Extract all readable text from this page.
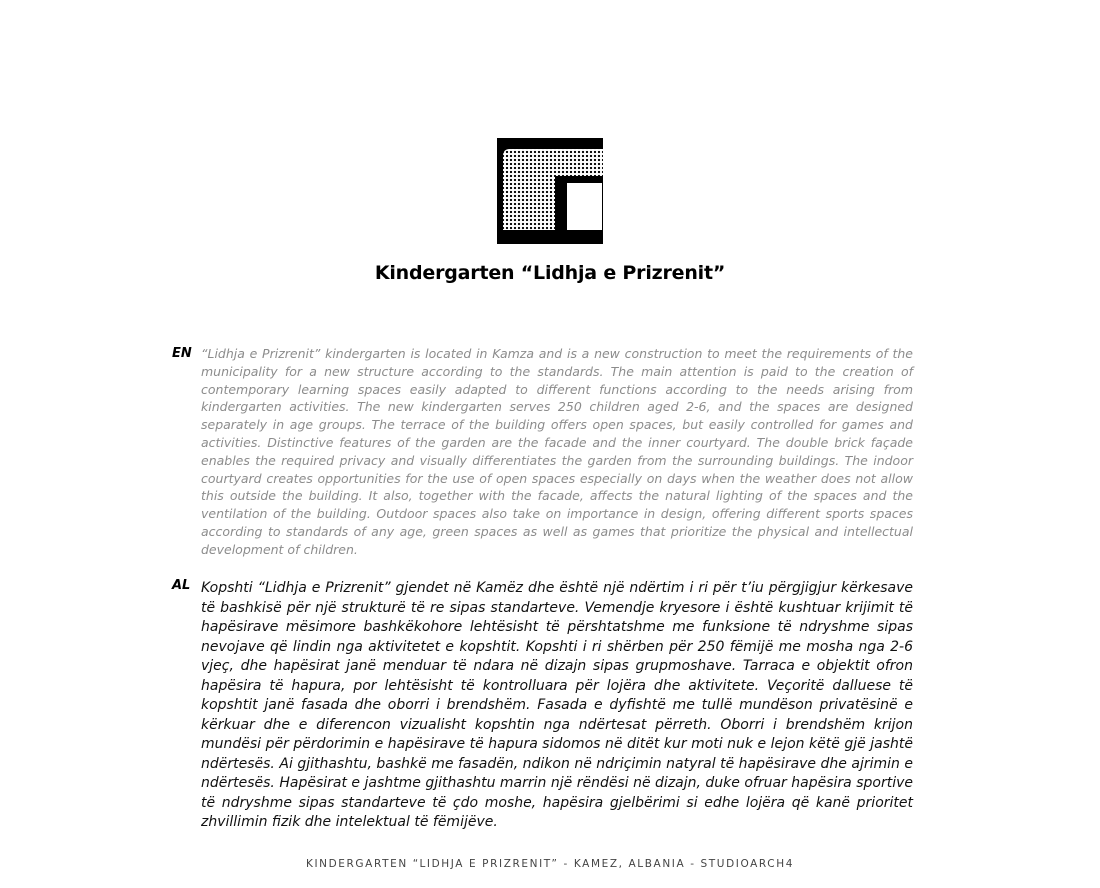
Kindergarten “Lidhja e Prizrenit”
EN “Lidhja e Prizrenit” kindergarten is located in Kamza and is a new construction to meet the requirements of the municipality for a new structure according to the standards. The main attention is paid to the creation of contemporary learning spaces easily adapted to different functions according to the needs arising from kindergarten activities. The new kindergarten serves 250 children aged 2-6, and the spaces are designed separately in age groups. The terrace of the building offers open spaces, but easily controlled for games and activities. Distinctive features of the garden are the facade and the inner courtyard. The double brick façade enables the required privacy and visually differentiates the garden from the surrounding buildings. The indoor courtyard creates opportunities for the use of open spaces especially on days when the weather does not allow this outside the building. It also, together with the facade, affects the natural lighting of the spaces and the ventilation of the building. Outdoor spaces also take on importance in design, offering different sports spaces according to standards of any age, green spaces as well as games that prioritize the physical and intellectual development of children.

AL Kopshti “Lidhja e Prizrenit” gjendet në Kamëz dhe është një ndërtim i ri për t’iu përgjigjur kërkesave të bashkisë për një strukturë të re sipas standarteve. Vemendje kryesore i është kushtuar krijimit të hapësirave mësimore bashkëkohore lehtësisht të përshtatshme me funksione të ndryshme sipas nevojave që lindin nga aktivitetet e kopshtit. Kopshti i ri shërben për 250 fëmijë me mosha nga 2-6 vjeç, dhe hapësirat janë menduar të ndara në dizajn sipas grupmoshave. Tarraca e objektit ofron hapësira të hapura, por lehtësisht të kontrolluara për lojëra dhe aktivitete. Veçoritë dalluese të kopshtit janë fasada dhe oborri i brendshëm. Fasada e dyfishtë me tullë mundëson privatësinë e kërkuar dhe e diferencon vizualisht kopshtin nga ndërtesat përreth. Oborri i brendshëm krijon mundësi për përdorimin e hapësirave të hapura sidomos në ditët kur moti nuk e lejon këtë gjë jashtë ndërtesës. Ai gjithashtu, bashkë me fasadën, ndikon në ndriçimin natyral të hapësirave dhe ajrimin e ndërtesës. Hapësirat e jashtme gjithashtu marrin një rëndësi në dizajn, duke ofruar hapësira sportive të ndryshme sipas standarteve të çdo moshe, hapësira gjelbërimi si edhe lojëra që kanë prioritet zhvillimin fizik dhe intelektual të fëmijëve.

KINDERGARTEN “LIDHJA E PRIZRENIT” - KAMEZ, ALBANIA - STUDIOARCH4
